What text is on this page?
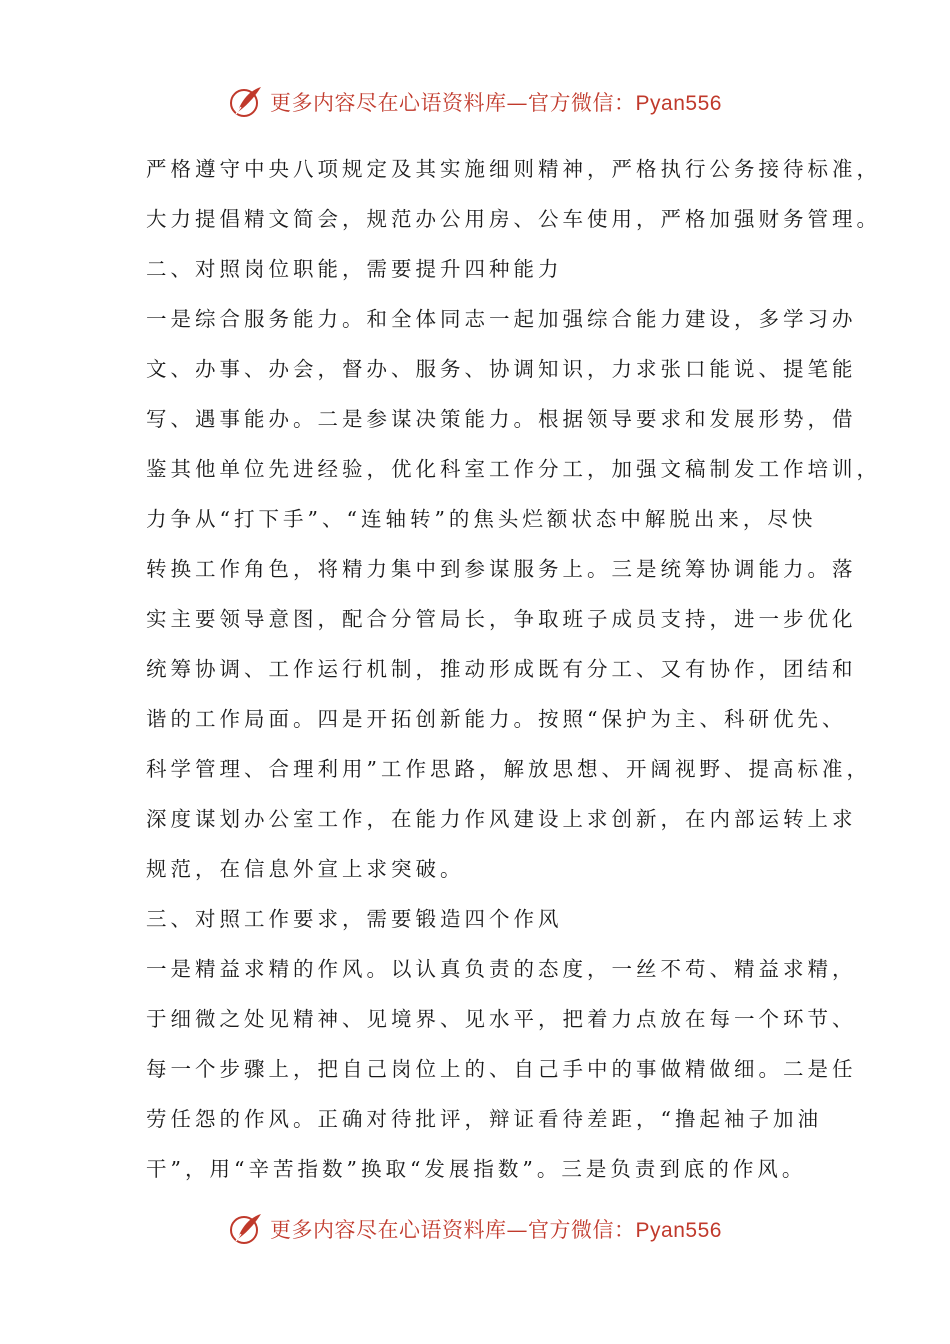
更多内容尽在心语资料库—官方微信：Pyan556
严格遵守中央八项规定及其实施细则精神，严格执行公务接待标准，
大力提倡精文简会，规范办公用房、公车使用，严格加强财务管理。
二、对照岗位职能，需要提升四种能力
一是综合服务能力。和全体同志一起加强综合能力建设，多学习办
文、办事、办会，督办、服务、协调知识，力求张口能说、提笔能
写、遇事能办。二是参谋决策能力。根据领导要求和发展形势，借
鉴其他单位先进经验，优化科室工作分工，加强文稿制发工作培训，
力争从“打下手”、“连轴转”的焦头烂额状态中解脱出来，尽快
转换工作角色，将精力集中到参谋服务上。三是统筹协调能力。落
实主要领导意图，配合分管局长，争取班子成员支持，进一步优化
统筹协调、工作运行机制，推动形成既有分工、又有协作，团结和
谐的工作局面。四是开拓创新能力。按照“保护为主、科研优先、
科学管理、合理利用”工作思路，解放思想、开阔视野、提高标准，
深度谋划办公室工作，在能力作风建设上求创新，在内部运转上求
规范，在信息外宣上求突破。
三、对照工作要求，需要锻造四个作风
一是精益求精的作风。以认真负责的态度，一丝不苟、精益求精，
于细微之处见精神、见境界、见水平，把着力点放在每一个环节、
每一个步骤上，把自己岗位上的、自己手中的事做精做细。二是任
劳任怨的作风。正确对待批评，辩证看待差距，“撸起袖子加油
干”，用“辛苦指数”换取“发展指数”。三是负责到底的作风。
更多内容尽在心语资料库—官方微信：Pyan556
